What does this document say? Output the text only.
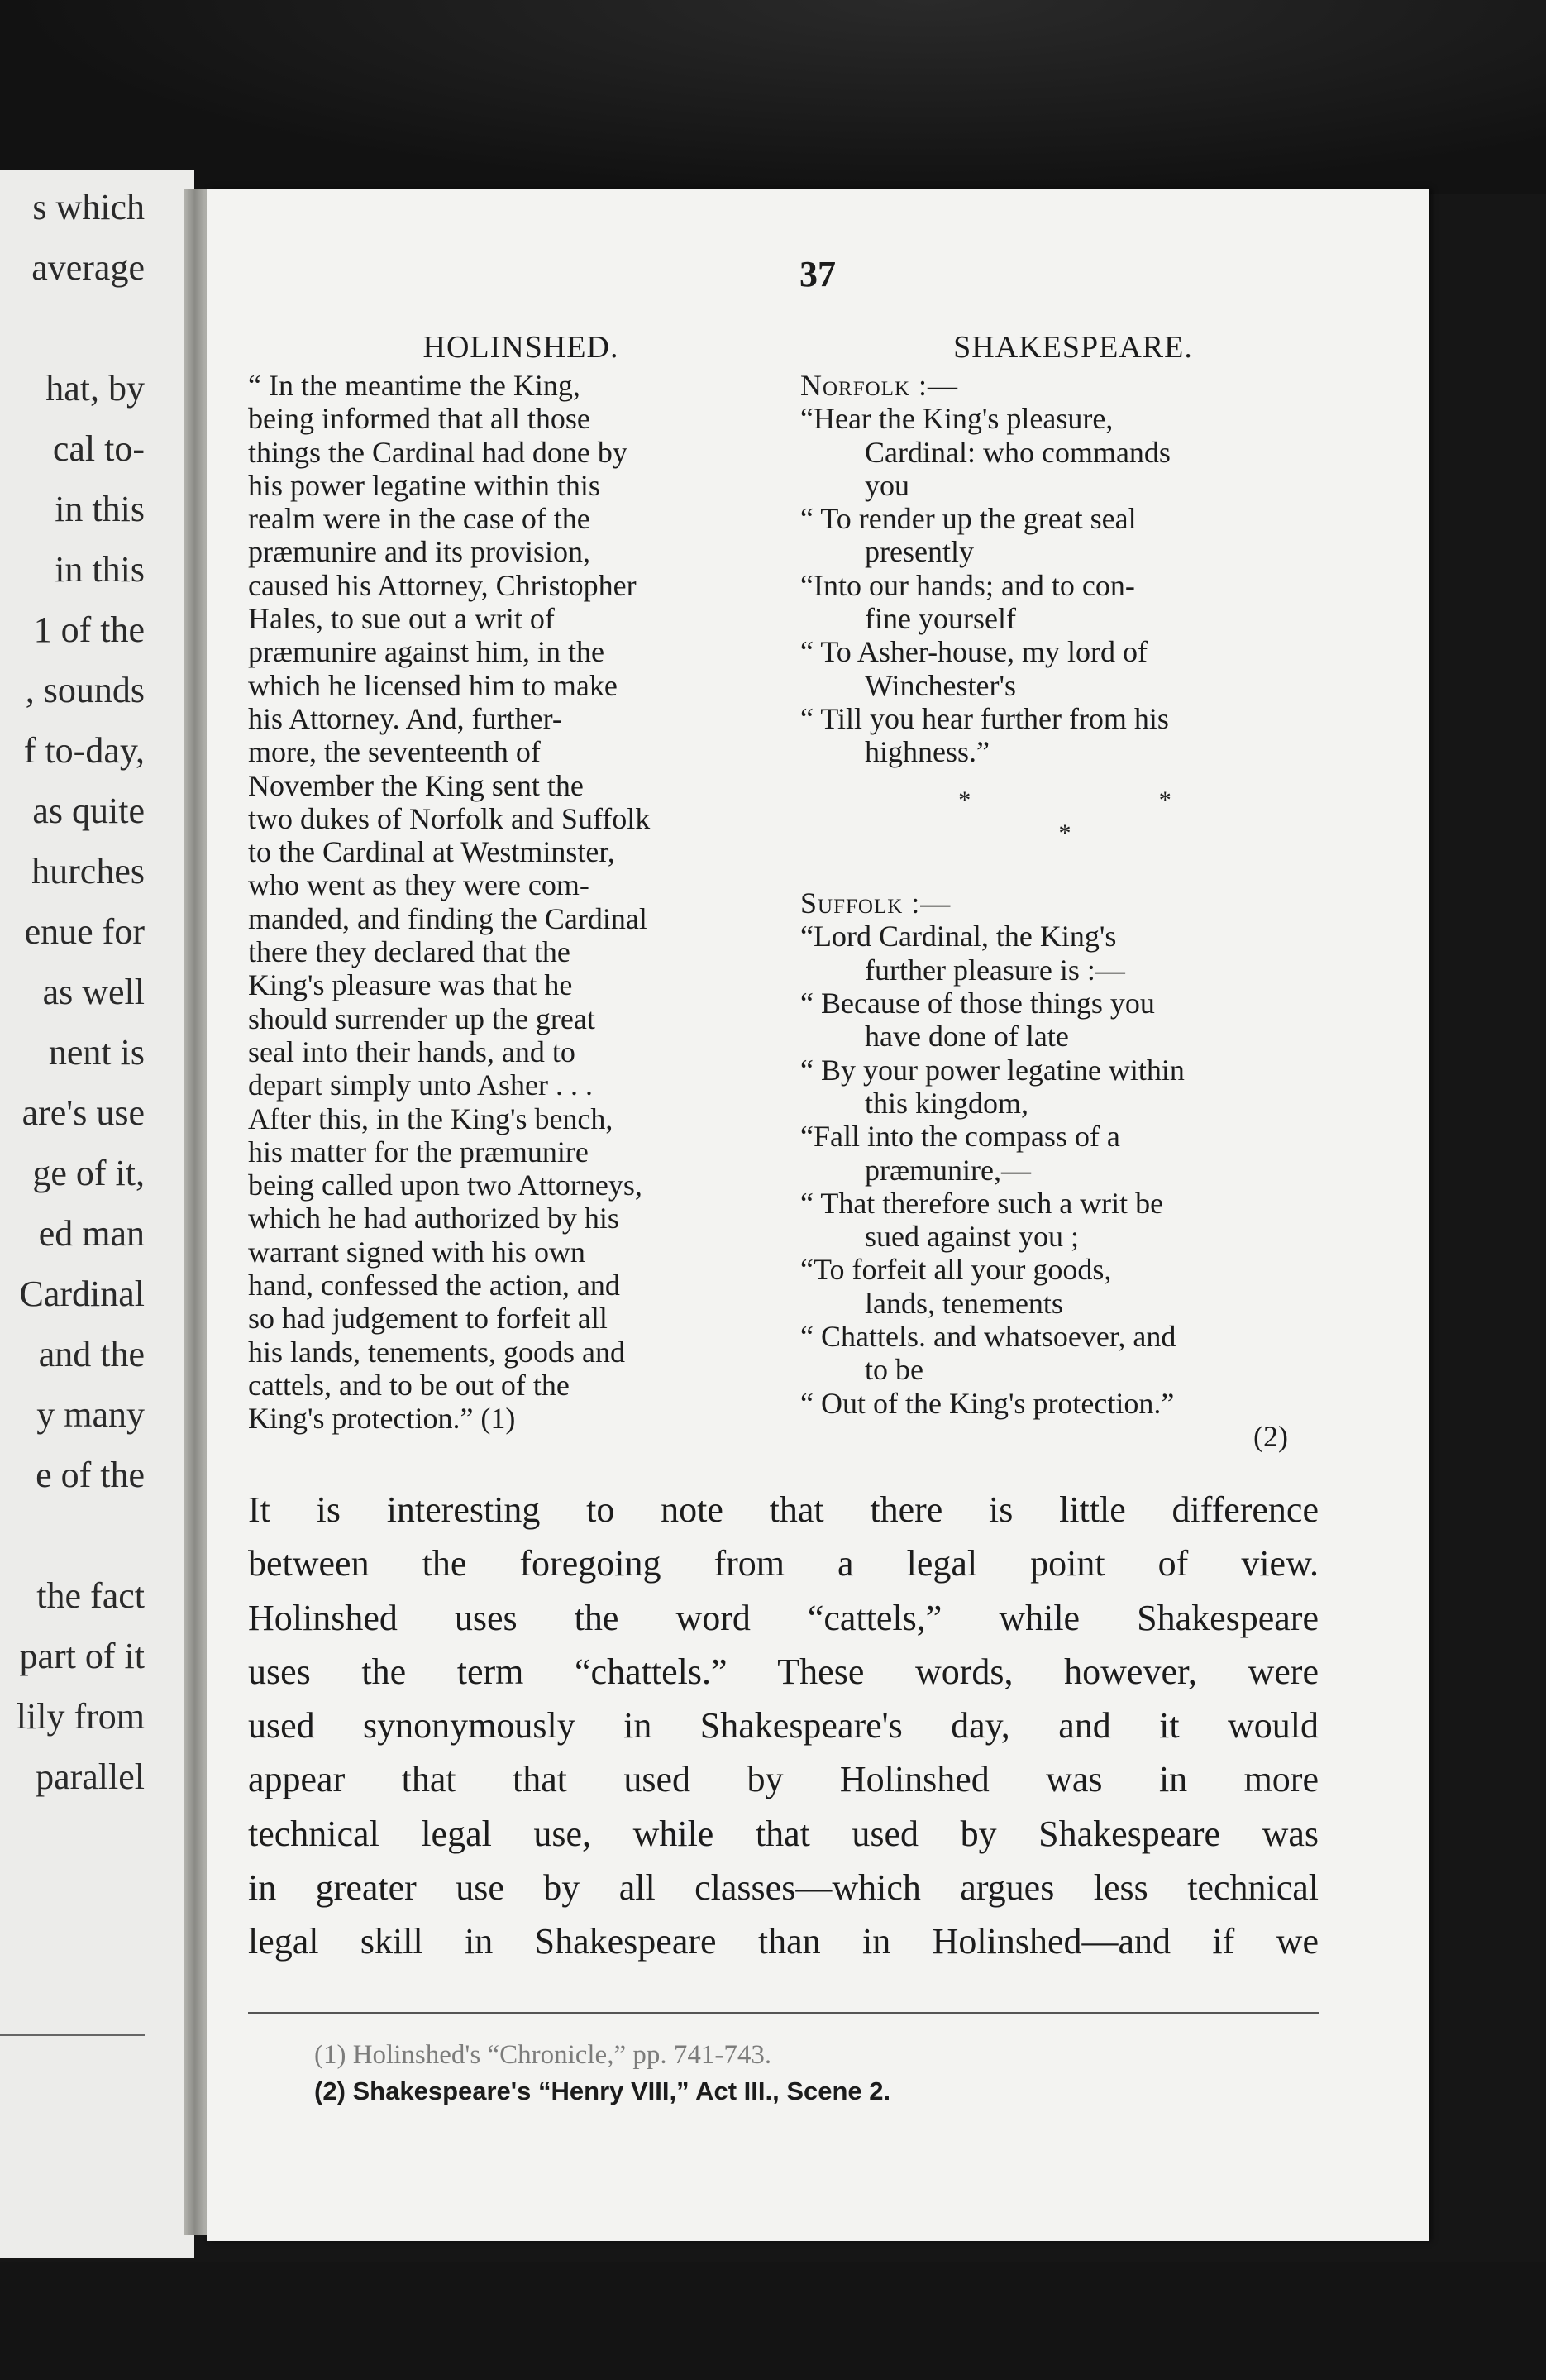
s which
average
hat, by
cal to-
in this
in this
1 of the
, sounds
f to-day,
as quite
hurches
enue for
as well
nent is
are's use
ge of it,
ed man
Cardinal
and the
y many
e of the
the fact
part of it
lily from
parallel
37
HOLINSHED.
“ In the meantime the King,
being informed that all those
things the Cardinal had done by
his power legatine within this
realm were in the case of the
præmunire and its provision,
caused his Attorney, Christopher
Hales, to sue out a writ of
præmunire against him, in the
which he licensed him to make
his Attorney. And, further-
more, the seventeenth of
November the King sent the
two dukes of Norfolk and Suffolk
to the Cardinal at Westminster,
who went as they were com-
manded, and finding the Cardinal
there they declared that the
King's pleasure was that he
should surrender up the great
seal into their hands, and to
depart simply unto Asher . . .
After this, in the King's bench,
his matter for the præmunire
being called upon two Attorneys,
which he had authorized by his
warrant signed with his own
hand, confessed the action, and
so had judgement to forfeit all
his lands, tenements, goods and
cattels, and to be out of the
King's protection.” (1)
SHAKESPEARE.
Norfolk :—
“Hear the King's pleasure,
Cardinal: who commands
you
“ To render up the great seal
presently
“Into our hands; and to con-
fine yourself
“ To Asher-house, my lord of
Winchester's
“ Till you hear further from his
highness.”
* * *
Suffolk :—
“Lord Cardinal, the King's
further pleasure is :—
“ Because of those things you
have done of late
“ By your power legatine within
this kingdom,
“Fall into the compass of a
præmunire,—
“ That therefore such a writ be
sued against you ;
“To forfeit all your goods,
lands, tenements
“ Chattels. and whatsoever, and
to be
“ Out of the King's protection.”
(2)
It is interesting to note that there is little difference
between the foregoing from a legal point of view.
Holinshed uses the word “cattels,” while Shakespeare
uses the term “chattels.” These words, however, were
used synonymously in Shakespeare's day, and it would
appear that that used by Holinshed was in more
technical legal use, while that used by Shakespeare was
in greater use by all classes—which argues less technical
legal skill in Shakespeare than in Holinshed—and if we
(1) Holinshed's “Chronicle,” pp. 741-743.
(2) Shakespeare's “Henry VIII,” Act III., Scene 2.
